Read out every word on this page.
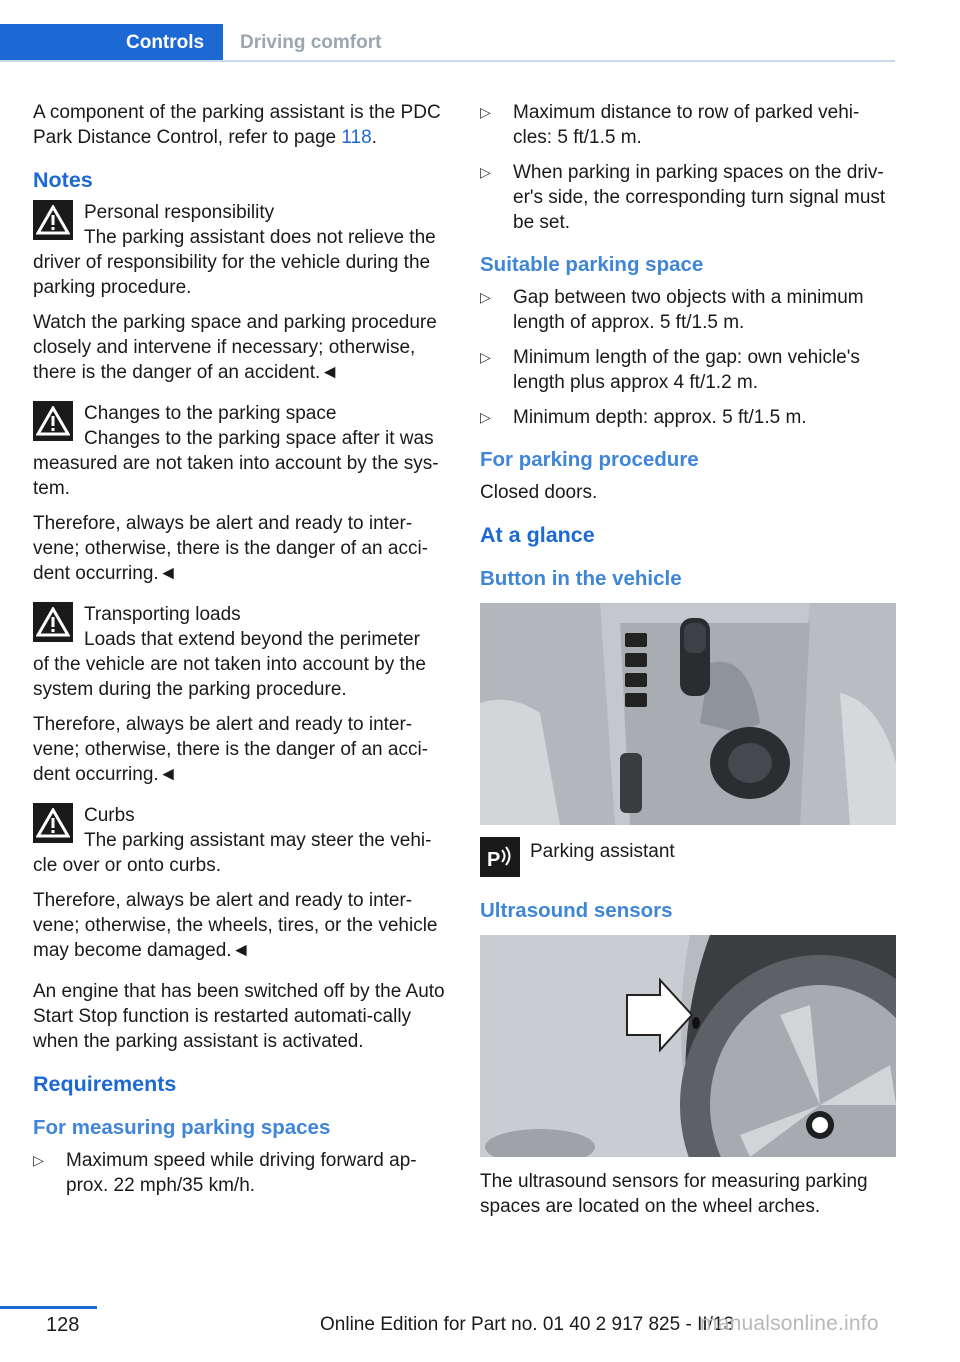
Controls	Driving comfort

A component of the parking assistant is the PDC Park Distance Control, refer to page 118.

Notes
Personal responsibility
The parking assistant does not relieve the
driver of responsibility for the vehicle during the parking procedure.
Watch the parking space and parking procedure closely and intervene if necessary; otherwise, there is the danger of an accident.◄
Changes to the parking space
Changes to the parking space after it was
measured are not taken into account by the sys-tem.
Therefore, always be alert and ready to inter-vene; otherwise, there is the danger of an acci-dent occurring.◄
Transporting loads
Loads that extend beyond the perimeter
of the vehicle are not taken into account by the system during the parking procedure.
Therefore, always be alert and ready to inter-vene; otherwise, there is the danger of an acci-dent occurring.◄
Curbs
The parking assistant may steer the vehi-
cle over or onto curbs.
Therefore, always be alert and ready to inter-vene; otherwise, the wheels, tires, or the vehicle may become damaged.◄

An engine that has been switched off by the Auto Start Stop function is restarted automati-cally when the parking assistant is activated.

Requirements
For measuring parking spaces
▷ Maximum speed while driving forward ap-prox. 22 mph/35 km/h.
▷ Maximum distance to row of parked vehi-cles: 5 ft/1.5 m.
▷ When parking in parking spaces on the driv-er's side, the corresponding turn signal must be set.
Suitable parking space
▷ Gap between two objects with a minimum length of approx. 5 ft/1.5 m.
▷ Minimum length of the gap: own vehicle's length plus approx 4 ft/1.2 m.
▷ Minimum depth: approx. 5 ft/1.5 m.
For parking procedure

Closed doors.

At a glance
Button in the vehicle
P	Parking assistant
Ultrasound sensors

The ultrasound sensors for measuring parking spaces are located on the wheel arches.

128	Online Edition for Part no. 01 40 2 917 825 - II/13
manualsonline.info
